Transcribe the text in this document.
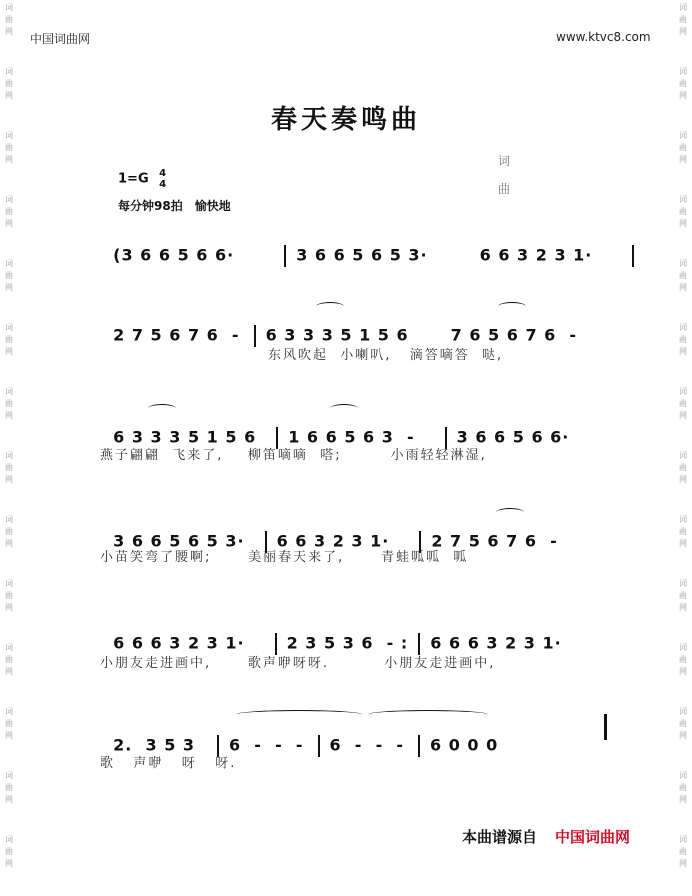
词
曲
网
词
曲
网
词
曲
网
词
曲
网
词
曲
网
词
曲
网
词
曲
网
词
曲
网
词
曲
网
词
曲
网
词
曲
网
词
曲
网
词
曲
网
词
曲
网
词
曲
网
词
曲
网
词
曲
网
词
曲
网
词
曲
网
词
曲
网
词
曲
网
词
曲
网
词
曲
网
词
曲
网
词
曲
网
词
曲
网
词
曲
网
词
曲
网
中国词曲网	www.ktvc8.com
春天奏鸣曲
1=G 4
4
每分钟98拍 愉快地
词
曲

(3 6 6 5 6 6·	3 6 6 5 6 5 3·	6 6 3 2 3 1·

2 7 5 6 7 6  - 6 3 3 3 5 1 5 6	7 6 5 6 7 6  -

东风吹起  小喇叭,   滴答嘀答  哒,

6 3 3 3 5 1 5 6 1 6 6 5 6 3  -	3 6 6 5 6 6·

燕子翩翩  飞来了,    柳笛嘀嘀  嗒;        小雨轻轻淋湿,

3 6 6 5 6 5 3· 6 6 3 2 3 1·	2 7 5 6 7 6  -

小苗笑弯了腰啊;      美丽春天来了,      青蛙呱呱  呱

6 6 6 3 2 3 1·	2 3 5 3 6  - : 6 6 6 3 2 3 1·

小朋友走进画中,      歌声咿呀呀.         小朋友走进画中,

2.  3 5 3 6  -  -  - 6  -  -  - 6 0 0 0

歌   声咿   呀   呀.
本曲谱源自 中国词曲网
